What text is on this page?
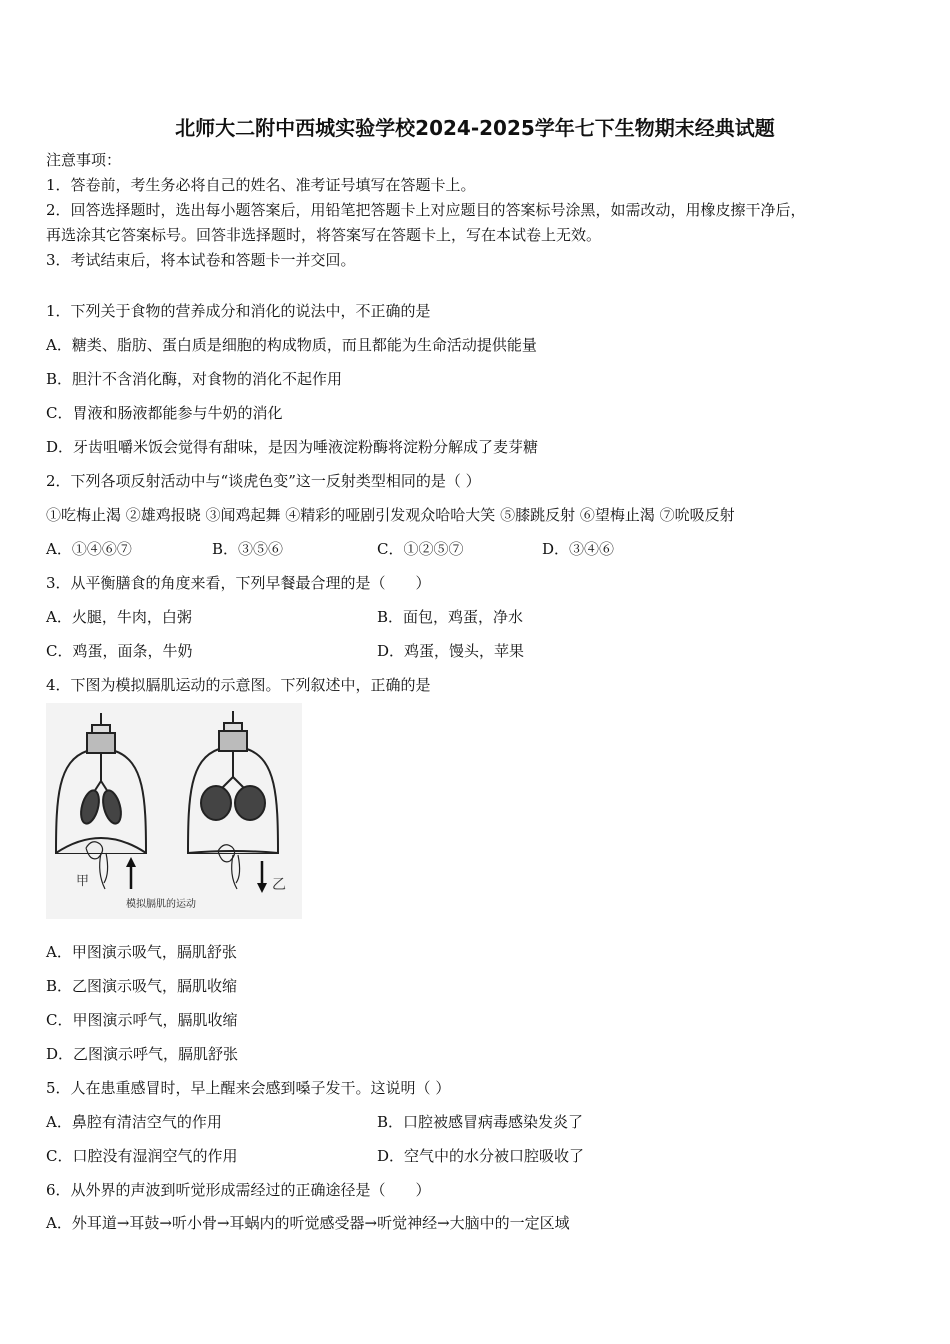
北师大二附中西城实验学校2024-2025学年七下生物期末经典试题
注意事项：
1．答卷前，考生务必将自己的姓名、准考证号填写在答题卡上。
2．回答选择题时，选出每小题答案后，用铅笔把答题卡上对应题目的答案标号涂黑，如需改动，用橡皮擦干净后，
再选涂其它答案标号。回答非选择题时，将答案写在答题卡上，写在本试卷上无效。
3．考试结束后，将本试卷和答题卡一并交回。
1．下列关于食物的营养成分和消化的说法中，不正确的是
A．糖类、脂肪、蛋白质是细胞的构成物质，而且都能为生命活动提供能量
B．胆汁不含消化酶，对食物的消化不起作用
C．胃液和肠液都能参与牛奶的消化
D．牙齿咀嚼米饭会觉得有甜味，是因为唾液淀粉酶将淀粉分解成了麦芽糖
2．下列各项反射活动中与“谈虎色变”这一反射类型相同的是（ ）
①吃梅止渴 ②雄鸡报晓 ③闻鸡起舞 ④精彩的哑剧引发观众哈哈大笑 ⑤膝跳反射 ⑥望梅止渴 ⑦吮吸反射
A．①④⑥⑦	B．③⑤⑥	C．①②⑤⑦	D．③④⑥
3．从平衡膳食的角度来看，下列早餐最合理的是（　　）
A．火腿，牛肉，白粥	B．面包，鸡蛋，净水
C．鸡蛋，面条，牛奶	D．鸡蛋，馒头，苹果
4．下图为模拟膈肌运动的示意图。下列叙述中，正确的是
甲	乙
模拟膈肌的运动
A．甲图演示吸气，膈肌舒张
B．乙图演示吸气，膈肌收缩
C．甲图演示呼气，膈肌收缩
D．乙图演示呼气，膈肌舒张
5．人在患重感冒时，早上醒来会感到嗓子发干。这说明（ ）
A．鼻腔有清洁空气的作用	B．口腔被感冒病毒感染发炎了
C．口腔没有湿润空气的作用	D．空气中的水分被口腔吸收了
6．从外界的声波到听觉形成需经过的正确途径是（　　）
A．外耳道→耳鼓→听小骨→耳蜗内的听觉感受器→听觉神经→大脑中的一定区域
